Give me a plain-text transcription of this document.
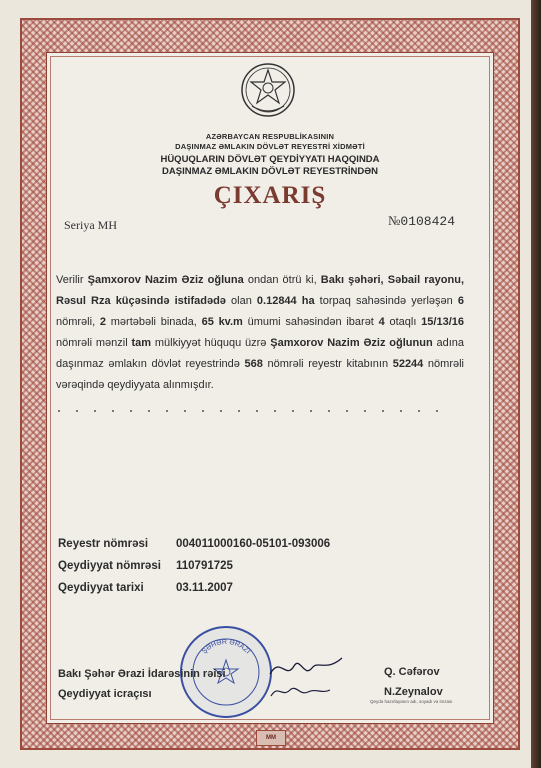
AZƏRBAYCAN RESPUBLİKASININ
DAŞINMAZ ƏMLAKIN DÖVLƏT REYESTRİ XİDMƏTİ
HÜQUQLARIN DÖVLƏT QEYDİYYATI HAQQINDA
DAŞINMAZ ƏMLAKIN DÖVLƏT REYESTRİNDƏN
ÇIXARIŞ
Seriya MH	№0108424
Verilir Şamxorov Nazim Əziz oğluna ondan ötrü ki, Bakı şəhəri, Səbail rayonu, Rəsul Rza küçəsində istifadədə olan 0.12844 ha torpaq sahəsində yerləşən 6 nömrəli, 2 mərtəbəli binada, 65 kv.m ümumi sahəsindən ibarət 4 otaqlı 15/13/16 nömrəli mənzil tam mülkiyyət hüququ üzrə Şamxorov Nazim Əziz oğlunun adına daşınmaz əmlakın dövlət reyestrində 568 nömrəli reyestr kitabının 52244 nömrəli vərəqində qeydiyyata alınmışdır.
Reyestr nömrəsi 004011000160-05101-093006
Qeydiyyat nömrəsi 110791725
Qeydiyyat tarixi	03.11.2007
ŞƏHƏR ƏRAZİ
Bakı Şəhər Ərazi İdarəsinin rəisi	Q. Cəfərov
Qeydiyyat icraçısı	N.Zeynalov
Qeydə hazırlayanın adı, soyadı və imzası
MM
